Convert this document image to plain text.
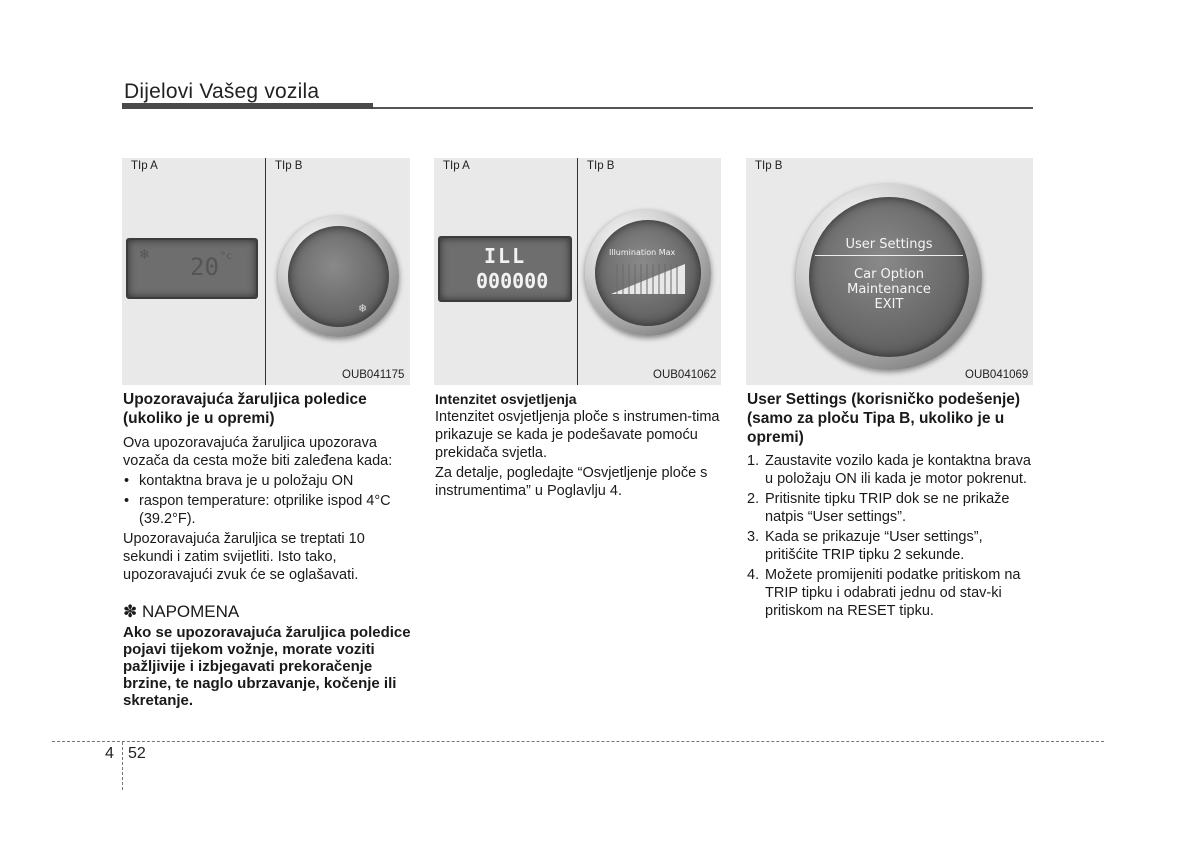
Dijelovi Vašeg vozila
TIp A	TIp B
❄ 20 °c
❄
OUB041175
TIp A	TIp B
ILL
000000
Illumination Max
OUB041062
TIp B
User Settings
Car Option
Maintenance
EXIT
OUB041069

Upozoravajuća žaruljica poledice (ukoliko je u opremi)

Ova upozoravajuća žaruljica upozorava vozača da cesta može biti zaleđena kada:

• kontaktna brava je u položaju ON

• raspon temperature: otprilike ispod 4°C (39.2°F).

Upozoravajuća žaruljica se treptati 10 sekundi i zatim svijetliti. Isto tako, upozoravajući zvuk će se oglašavati.

✽ NAPOMENA

Ako se upozoravajuća žaruljica poledice pojavi tijekom vožnje, morate voziti pažljivije i izbjegavati prekoračenje brzine, te naglo ubrzavanje, kočenje ili skretanje.

Intenzitet osvjetljenja

Intenzitet osvjetljenja ploče s instrumen-tima prikazuje se kada je podešavate pomoću prekidača svjetla.

Za detalje, pogledajte “Osvjetljenje ploče s instrumentima” u Poglavlju 4.

User Settings (korisničko podešenje) (samo za ploču Tipa B, ukoliko je u opremi)

1. Zaustavite vozilo kada je kontaktna brava u položaju ON ili kada je motor pokrenut.

2. Pritisnite tipku TRIP dok se ne prikaže natpis “User settings”.

3. Kada se prikazuje “User settings”, pritišćite TRIP tipku 2 sekunde.

4. Možete promijeniti podatke pritiskom na TRIP tipku i odabrati jednu od stav-ki pritiskom na RESET tipku.

4 52
